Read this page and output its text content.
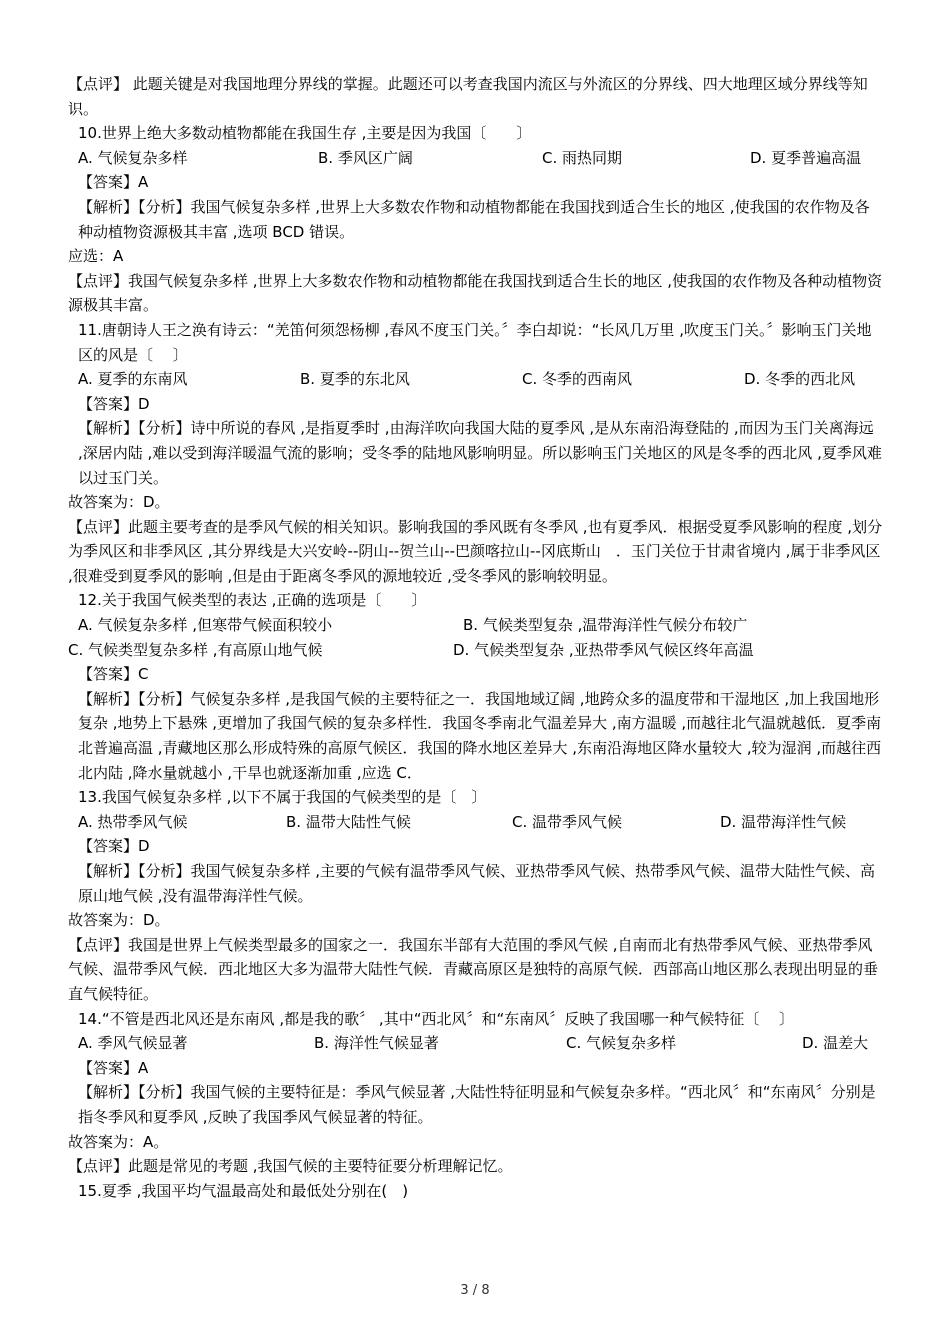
【点评】 此题关键是对我国地理分界线的掌握。此题还可以考查我国内流区与外流区的分界线、四大地理区域分界线等知识。
10.世界上绝大多数动植物都能在我国生存 ,主要是因为我国〔　　〕
A. 气候复杂多样	B. 季风区广阔	C. 雨热同期	D. 夏季普遍高温
【答案】A
【解析】【分析】我国气候复杂多样 ,世界上大多数农作物和动植物都能在我国找到适合生长的地区 ,使我国的农作物及各种动植物资源极其丰富 ,选项 BCD 错误。
应选：A
【点评】我国气候复杂多样 ,世界上大多数农作物和动植物都能在我国找到适合生长的地区 ,使我国的农作物及各种动植物资源极其丰富。
11.唐朝诗人王之涣有诗云：“羌笛何须怨杨柳 ,春风不度玉门关。〞李白却说：“长风几万里 ,吹度玉门关。〞影响玉门关地区的风是〔　 〕
A. 夏季的东南风	B. 夏季的东北风	C. 冬季的西南风	D. 冬季的西北风
【答案】D
【解析】【分析】诗中所说的春风 ,是指夏季时 ,由海洋吹向我国大陆的夏季风 ,是从东南沿海登陆的 ,而因为玉门关离海远 ,深居内陆 ,难以受到海洋暖温气流的影响；受冬季的陆地风影响明显。所以影响玉门关地区的风是冬季的西北风 ,夏季风难以过玉门关。
故答案为：D。
【点评】此题主要考查的是季风气候的相关知识。影响我国的季风既有冬季风 ,也有夏季风．根据受夏季风影响的程度 ,划分为季风区和非季风区 ,其分界线是大兴安岭--阴山--贺兰山--巴颜喀拉山--冈底斯山　．玉门关位于甘肃省境内 ,属于非季风区 ,很难受到夏季风的影响 ,但是由于距离冬季风的源地较近 ,受冬季风的影响较明显。
12.关于我国气候类型的表达 ,正确的选项是〔　　〕
A. 气候复杂多样 ,但寒带气候面积较小	B. 气候类型复杂 ,温带海洋性气候分布较广
C. 气候类型复杂多样 ,有高原山地气候	D. 气候类型复杂 ,亚热带季风气候区终年高温
【答案】C
【解析】【分析】气候复杂多样 ,是我国气候的主要特征之一．我国地域辽阔 ,地跨众多的温度带和干湿地区 ,加上我国地形复杂 ,地势上下悬殊 ,更增加了我国气候的复杂多样性．我国冬季南北气温差异大 ,南方温暖 ,而越往北气温就越低．夏季南北普遍高温 ,青藏地区那么形成特殊的高原气候区．我国的降水地区差异大 ,东南沿海地区降水量较大 ,较为湿润 ,而越往西北内陆 ,降水量就越小 ,干旱也就逐渐加重 ,应选 C．
13.我国气候复杂多样 ,以下不属于我国的气候类型的是〔　〕
A. 热带季风气候	B. 温带大陆性气候	C. 温带季风气候	D. 温带海洋性气候
【答案】D
【解析】【分析】我国气候复杂多样 ,主要的气候有温带季风气候、亚热带季风气候、热带季风气候、温带大陆性气候、高原山地气候 ,没有温带海洋性气候。
故答案为：D。
【点评】我国是世界上气候类型最多的国家之一．我国东半部有大范围的季风气候 ,自南而北有热带季风气候、亚热带季风气候、温带季风气候．西北地区大多为温带大陆性气候．青藏高原区是独特的高原气候．西部高山地区那么表现出明显的垂直气候特征。
14.“不管是西北风还是东南风 ,都是我的歌〞 ,其中“西北风〞和“东南风〞反映了我国哪一种气候特征〔　 〕
A. 季风气候显著	B. 海洋性气候显著	C. 气候复杂多样	D. 温差大
【答案】A
【解析】【分析】我国气候的主要特征是：季风气候显著 ,大陆性特征明显和气候复杂多样。“西北风〞和“东南风〞分别是指冬季风和夏季风 ,反映了我国季风气候显著的特征。
故答案为：A。
【点评】此题是常见的考题 ,我国气候的主要特征要分析理解记忆。
15.夏季 ,我国平均气温最高处和最低处分别在(　)
3 / 8
